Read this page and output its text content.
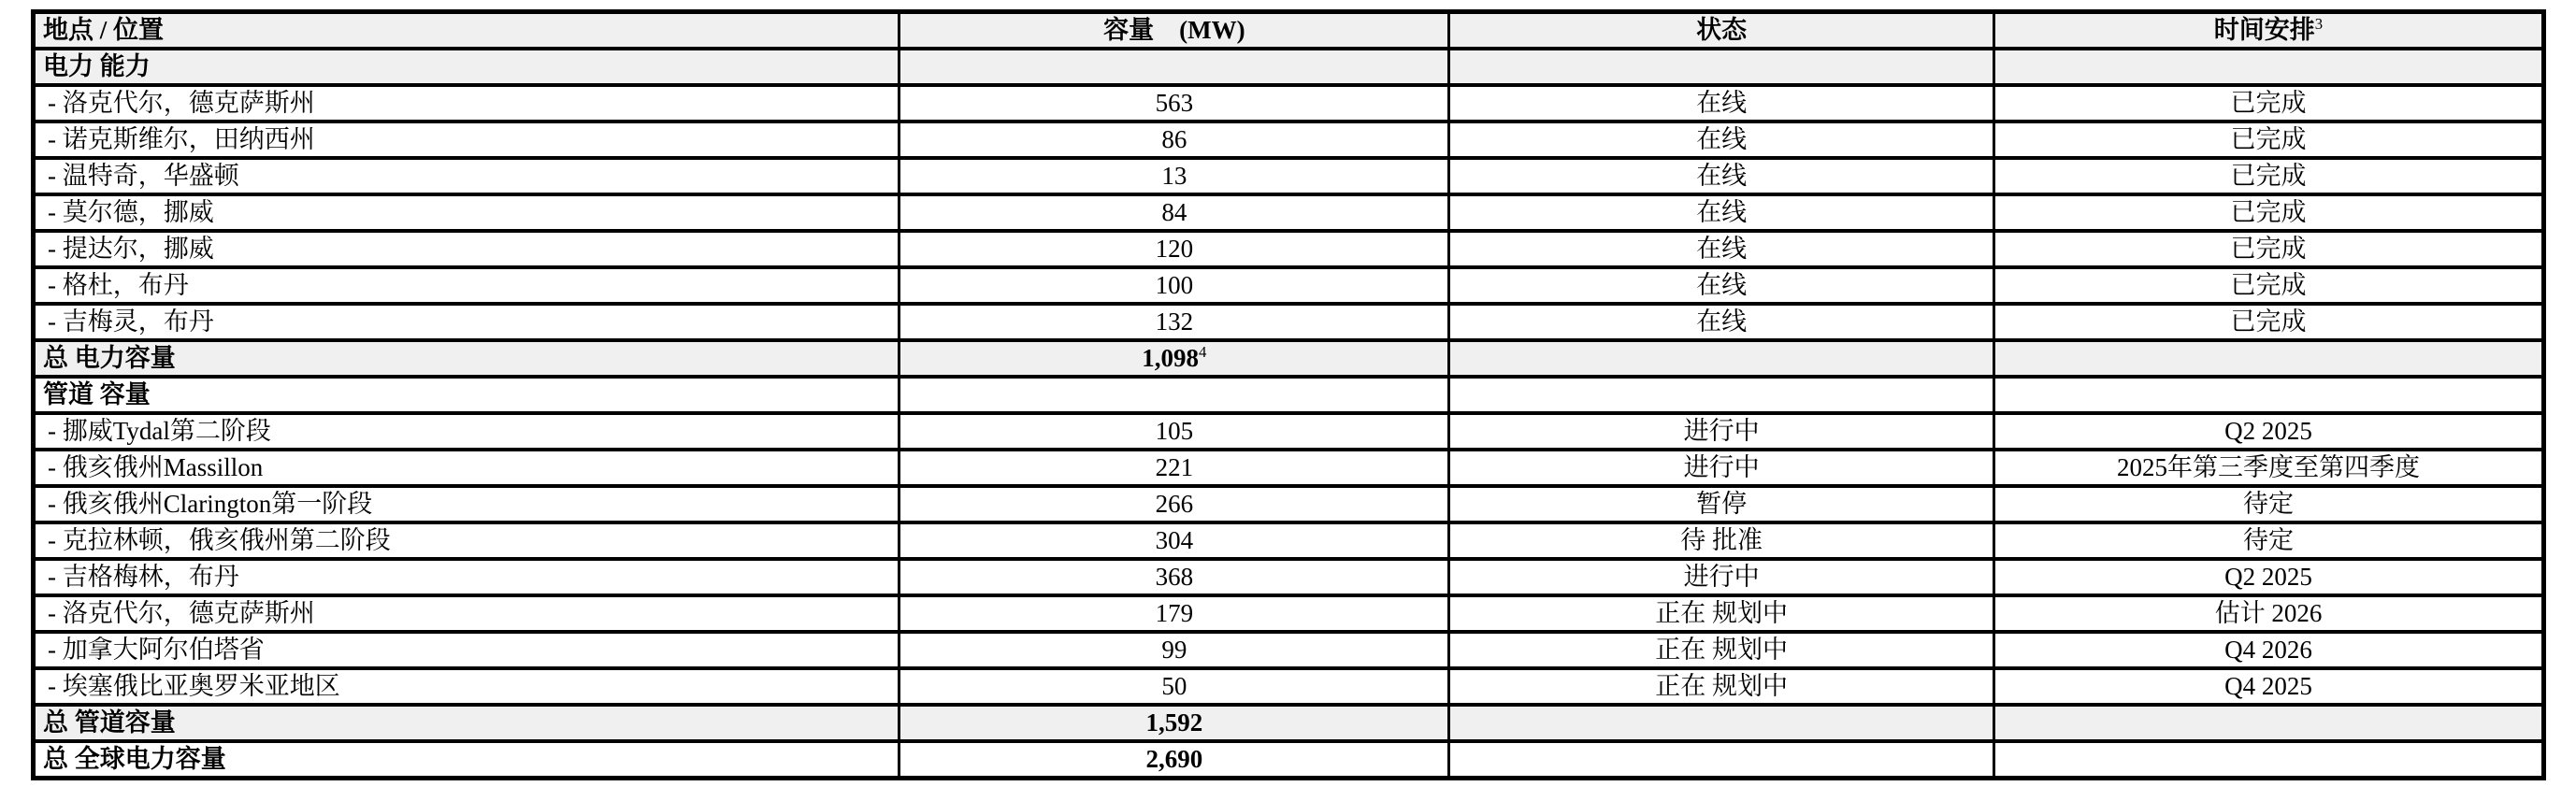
地点 / 位置	容量　(MW)	状态	时间安排$^3$
电力 能力			
- 洛克代尔，德克萨斯州	563	在线	已完成
- 诺克斯维尔，田纳西州	86	在线	已完成
- 温特奇，华盛顿	13	在线	已完成
- 莫尔德，挪威	84	在线	已完成
- 提达尔，挪威	120	在线	已完成
- 格杜，布丹	100	在线	已完成
- 吉梅灵，布丹	132	在线	已完成
总 电力容量	1,098$^4$		
管道 容量			
- 挪威Tydal第二阶段	105	进行中	Q2 2025
- 俄亥俄州Massillon	221	进行中	2025年第三季度至第四季度
- 俄亥俄州Clarington第一阶段	266	暂停	待定
- 克拉林顿，俄亥俄州第二阶段	304	待 批准	待定
- 吉格梅林，布丹	368	进行中	Q2 2025
- 洛克代尔，德克萨斯州	179	正在 规划中	估计 2026
- 加拿大阿尔伯塔省	99	正在 规划中	Q4 2026
- 埃塞俄比亚奥罗米亚地区	50	正在 规划中	Q4 2025
总 管道容量	1,592		
总 全球电力容量	2,690		
